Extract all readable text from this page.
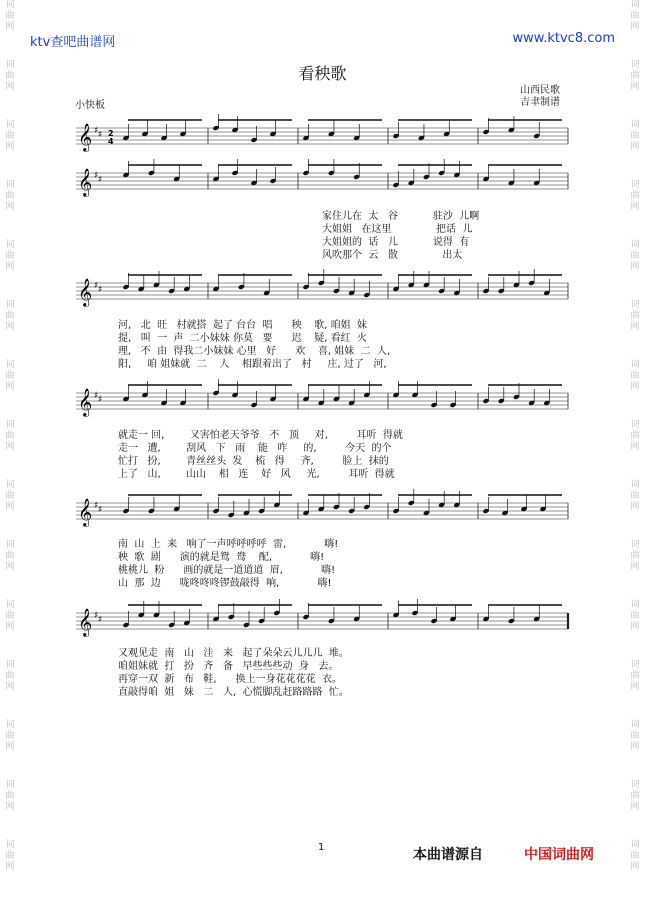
词
曲
网
词
曲
网
词
曲
网
词
曲
网
词
曲
网
词
曲
网
词
曲
网
词
曲
网
词
曲
网
词
曲
网
词
曲
网
词
曲
网
词
曲
网
词
曲
网
词
曲
网
词
曲
网
词
曲
网
词
曲
网
词
曲
网
词
曲
网
词
曲
网
词
曲
网
词
曲
网
词
曲
网
词
曲
网
词
曲
网
词
曲
网
词
曲
网
词
曲
网
词
曲
网
ktv查吧曲谱网	www.ktvc8.com
看秧歌
山西民歌
吉聿制谱
小快板
𝄞 ♯ ♯ 2
4
𝄞 ♯ ♯
𝄞 ♯ ♯
𝄞 ♯ ♯
𝄞 ♯ ♯
𝄞 ♯ ♯
家住儿在  太   谷           驻沙  儿啊
大姐姐   在这里              把话  儿
大姐姐的  话   儿           说得  有
风吹那个  云   散              出太
河,   北  旺   村就搭  起了 台台  唱      秧    歌, 咱姐  妹
提,   叫  一  声  二小妹妹 你莫   要      迟    疑, 看红  火
理,   不  由  得我二小妹妹 心里   好      欢    喜, 姐妹  二  人,
阳,     咱 姐妹就  二    人    相跟着出了   村     庄, 过了   河,
就走一 回,        又害怕老天爷爷   不   顶     对,         耳听  得就
走一   遭,        刮风   下   雨    能   咋     的,         今天  的个
忙打   扮,        青丝丝头  发    梳   得     齐,         脸上  抹的
上了   山,        山山    相   连    好   风     光,         耳听  得就
南  山  上  来   响了一声呼呼呼呼  雷,            嗨!
秧  歌  剧      演的就是鸳  鸯    配,            嗨!
桃桃儿  粉      画的就是一道道道  眉,            嗨!
山  那  边      咙咚咚咚锣鼓敲得  响,            嗨!
又观见走  南   山   洼   来   起了朵朵云儿儿儿  堆。
咱姐妹就  打   扮   齐   备   早些些些动  身   去。
再穿一双  新   布   鞋,      换上一身花花花花  衣。
直敲得咱  姐   妹   二   人,  心慌脚乱赶路路路  忙。
1	本曲谱源自	中国词曲网
